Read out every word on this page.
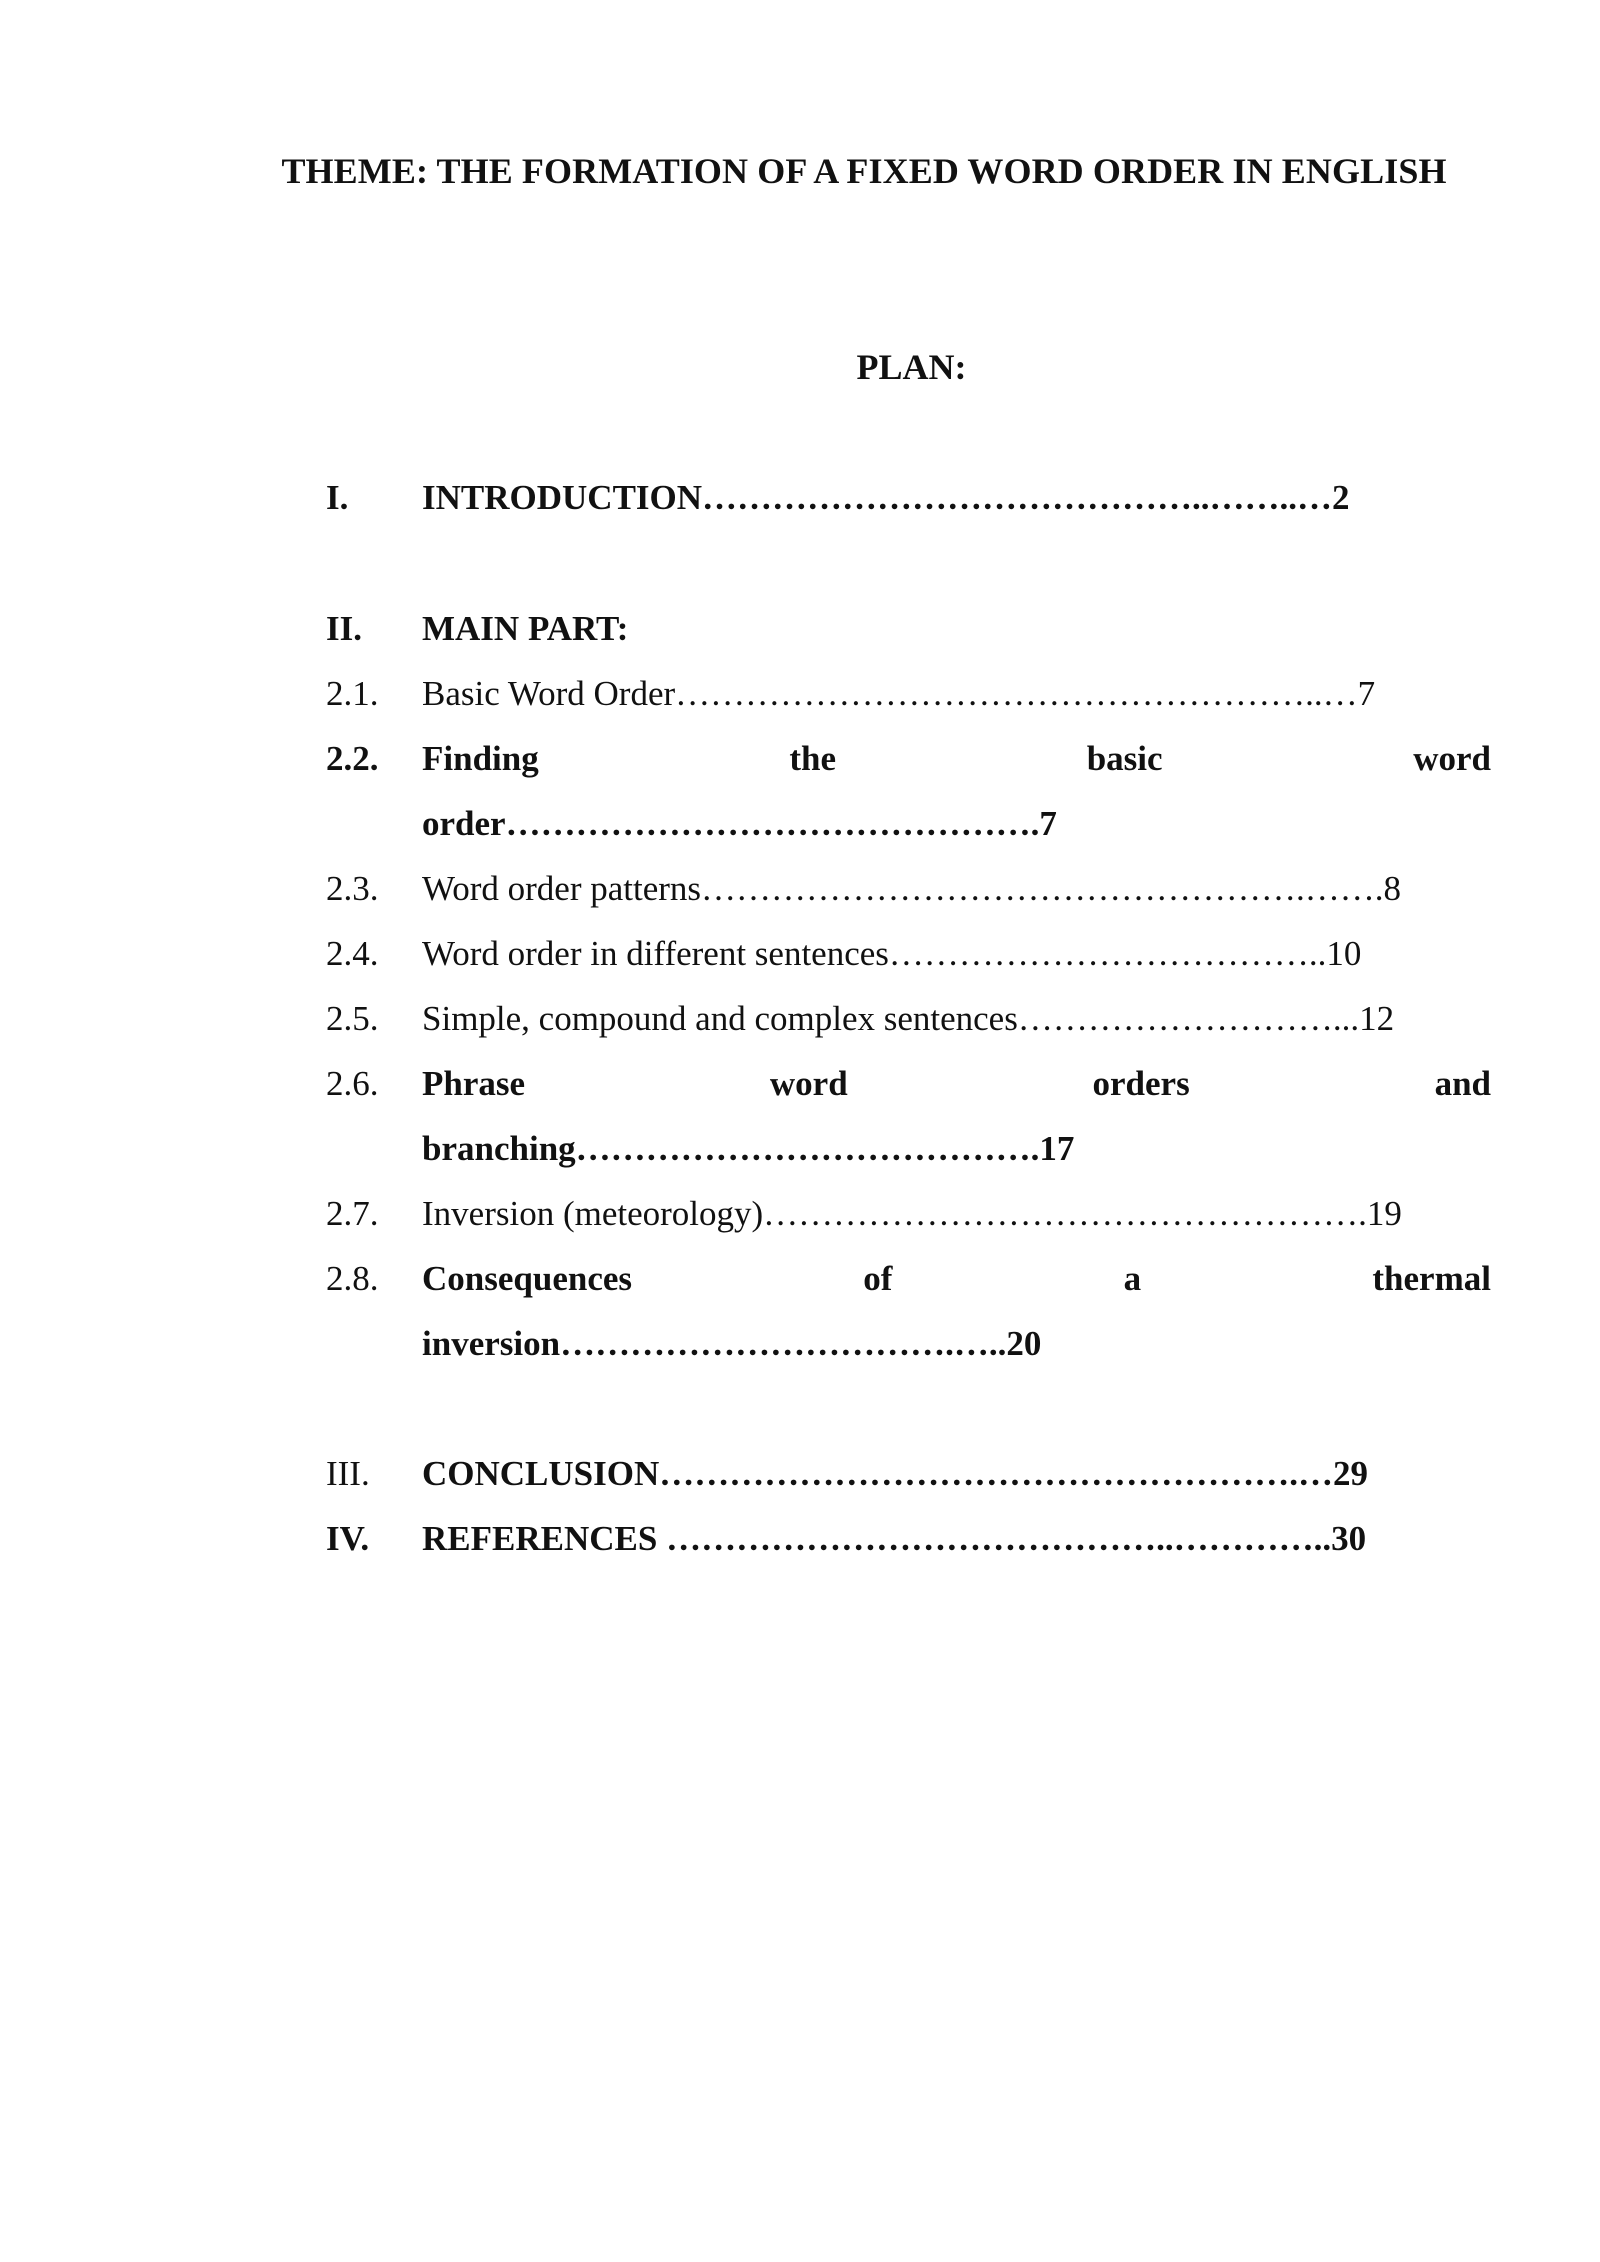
THEME: THE FORMATION OF A FIXED WORD ORDER IN ENGLISH
PLAN:
I. INTRODUCTION……………………………………..……..…2
II. MAIN PART:
2.1. Basic Word Order………………………………………………..…7
2.2. Finding	the	basic	word
order……………………………………….7
2.3. Word order patterns…………………………………………….…….8
2.4. Word order in different sentences………………………………..10
2.5. Simple, compound and complex sentences………………………...12
2.6. Phrase	word	orders	and
branching………………………………….17
2.7. Inversion (meteorology)…………………………………………….19
2.8. Consequences	of	a	thermal
inversion…………………………….…..20
III. CONCLUSION……………………………………………….…29
IV. REFERENCES ……………………………………..…………..30
